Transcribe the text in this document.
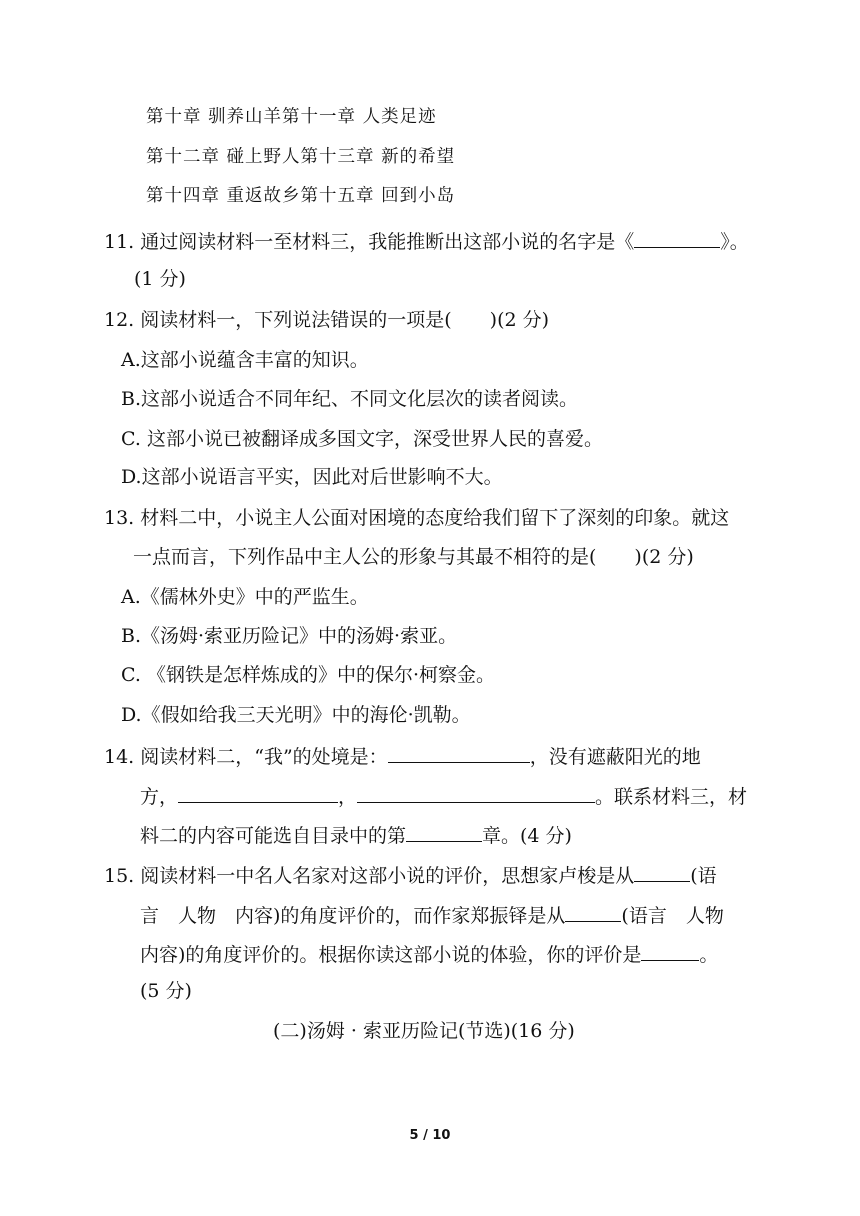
第十章 驯养山羊第十一章 人类足迹
第十二章 碰上野人第十三章 新的希望
第十四章 重返故乡第十五章 回到小岛
11. 通过阅读材料一至材料三，我能推断出这部小说的名字是《	》。
(1 分)
12. 阅读材料一，下列说法错误的一项是(　　)(2 分)
A.这部小说蕴含丰富的知识。
B.这部小说适合不同年纪、不同文化层次的读者阅读。
C. 这部小说已被翻译成多国文字，深受世界人民的喜爱。
D.这部小说语言平实，因此对后世影响不大。
13. 材料二中，小说主人公面对困境的态度给我们留下了深刻的印象。就这
一点而言，下列作品中主人公的形象与其最不相符的是(　　)(2 分)
A.《儒林外史》中的严监生。
B.《汤姆·索亚历险记》中的汤姆·索亚。
C. 《钢铁是怎样炼成的》中的保尔·柯察金。
D.《假如给我三天光明》中的海伦·凯勒。
14. 阅读材料二，“我”的处境是：	，没有遮蔽阳光的地
方，	，	。联系材料三，材
料二的内容可能选自目录中的第	章。(4 分)
15. 阅读材料一中名人名家对这部小说的评价，思想家卢梭是从	(语
言　人物　内容)的角度评价的，而作家郑振铎是从	(语言　人物
内容)的角度评价的。根据你读这部小说的体验，你的评价是	。
(5 分)
(二)汤姆 · 索亚历险记(节选)(16 分)
5 / 10
